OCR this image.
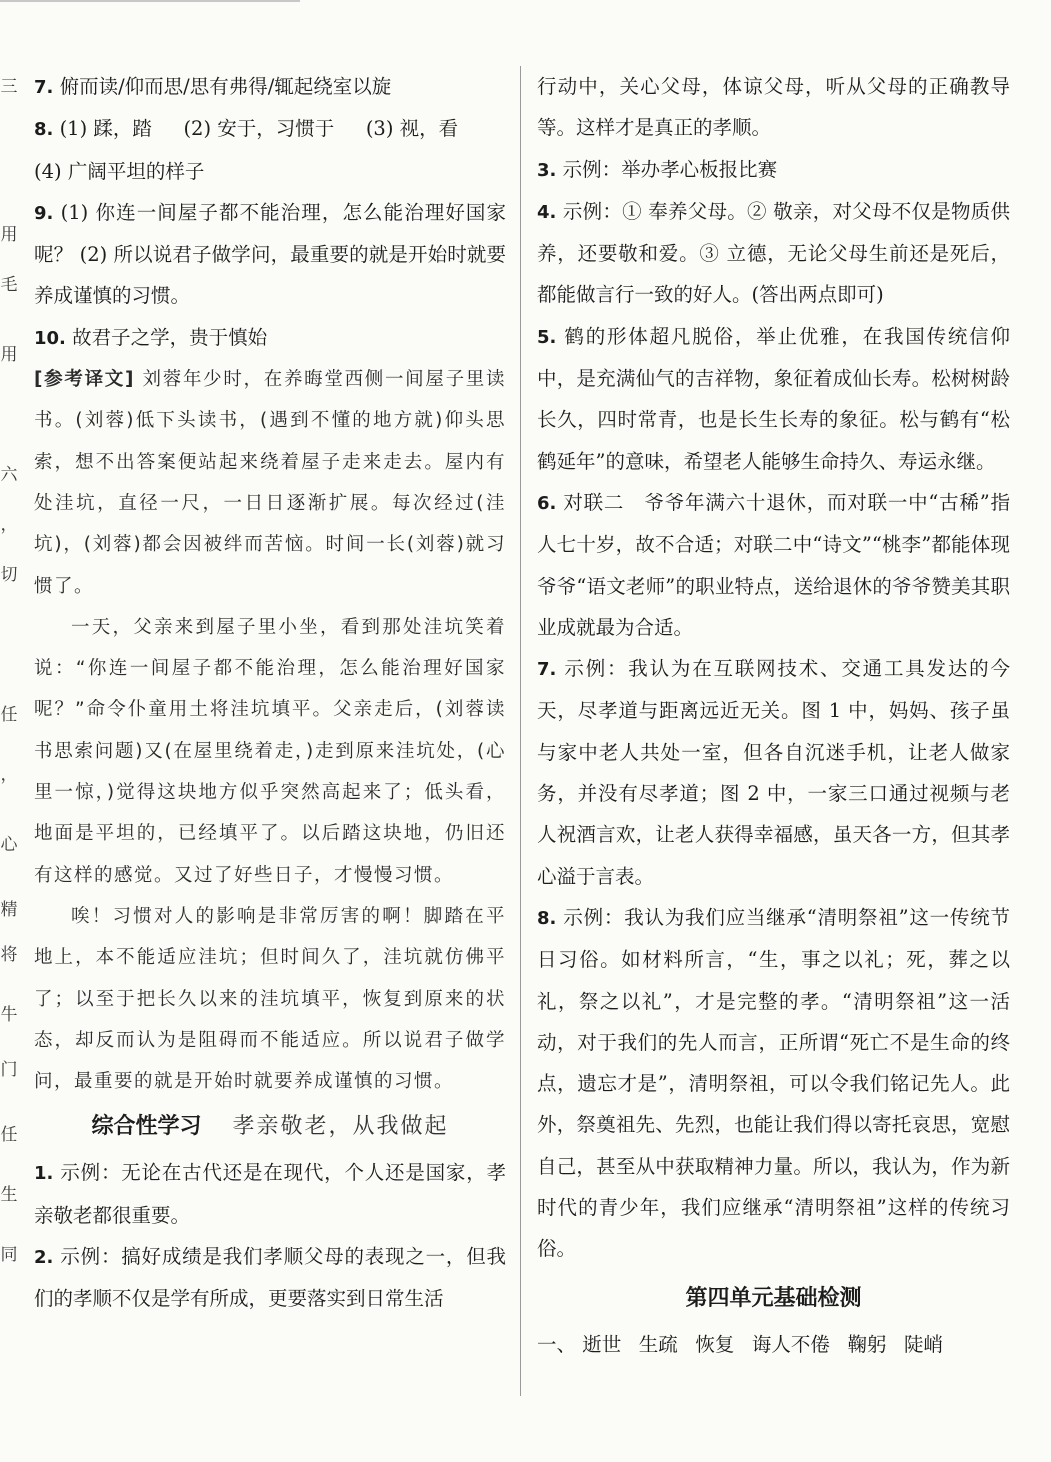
三
用
毛
用
六
，
切
任
，
心
精
将
牛
门
任
生
同

7. 俯而读/仰而思/思有弗得/辄起绕室以旋

8. (1) 蹂，踏 (2) 安于，习惯于 (3) 视，看
(4) 广阔平坦的样子

9. (1) 你连一间屋子都不能治理，怎么能治理好国家呢？ (2) 所以说君子做学问，最重要的就是开始时就要养成谨慎的习惯。

10. 故君子之学，贵于慎始

[参考译文] 刘蓉年少时，在养晦堂西侧一间屋子里读书。(刘蓉)低下头读书，(遇到不懂的地方就)仰头思索，想不出答案便站起来绕着屋子走来走去。屋内有处洼坑，直径一尺，一日日逐渐扩展。每次经过(洼坑)，(刘蓉)都会因被绊而苦恼。时间一长(刘蓉)就习惯了。

一天，父亲来到屋子里小坐，看到那处洼坑笑着说：“你连一间屋子都不能治理，怎么能治理好国家呢？”命令仆童用土将洼坑填平。父亲走后，(刘蓉读书思索问题)又(在屋里绕着走，)走到原来洼坑处，(心里一惊，)觉得这块地方似乎突然高起来了；低头看，地面是平坦的，已经填平了。以后踏这块地，仍旧还有这样的感觉。又过了好些日子，才慢慢习惯。

唉！习惯对人的影响是非常厉害的啊！脚踏在平地上，本不能适应洼坑；但时间久了，洼坑就仿佛平了；以至于把长久以来的洼坑填平，恢复到原来的状态，却反而认为是阻碍而不能适应。所以说君子做学问，最重要的就是开始时就要养成谨慎的习惯。

综合性学习 孝亲敬老，从我做起

1. 示例：无论在古代还是在现代，个人还是国家，孝亲敬老都很重要。

2. 示例：搞好成绩是我们孝顺父母的表现之一，但我们的孝顺不仅是学有所成，更要落实到日常生活

行动中，关心父母，体谅父母，听从父母的正确教导等。这样才是真正的孝顺。

3. 示例：举办孝心板报比赛

4. 示例：① 奉养父母。② 敬亲，对父母不仅是物质供养，还要敬和爱。③ 立德，无论父母生前还是死后，都能做言行一致的好人。(答出两点即可)

5. 鹤的形体超凡脱俗，举止优雅，在我国传统信仰中，是充满仙气的吉祥物，象征着成仙长寿。松树树龄长久，四时常青，也是长生长寿的象征。松与鹤有“松鹤延年”的意味，希望老人能够生命持久、寿运永继。

6. 对联二　爷爷年满六十退休，而对联一中“古稀”指人七十岁，故不合适；对联二中“诗文”“桃李”都能体现爷爷“语文老师”的职业特点，送给退休的爷爷赞美其职业成就最为合适。

7. 示例：我认为在互联网技术、交通工具发达的今天，尽孝道与距离远近无关。图 1 中，妈妈、孩子虽与家中老人共处一室，但各自沉迷手机，让老人做家务，并没有尽孝道；图 2 中，一家三口通过视频与老人祝酒言欢，让老人获得幸福感，虽天各一方，但其孝心溢于言表。

8. 示例：我认为我们应当继承“清明祭祖”这一传统节日习俗。如材料所言，“生，事之以礼；死，葬之以礼，祭之以礼”，才是完整的孝。“清明祭祖”这一活动，对于我们的先人而言，正所谓“死亡不是生命的终点，遗忘才是”，清明祭祖，可以令我们铭记先人。此外，祭奠祖先、先烈，也能让我们得以寄托哀思，宽慰自己，甚至从中获取精神力量。所以，我认为，作为新时代的青少年，我们应继承“清明祭祖”这样的传统习俗。

第四单元基础检测

一、 逝世 生疏 恢复 诲人不倦 鞠躬 陡峭
